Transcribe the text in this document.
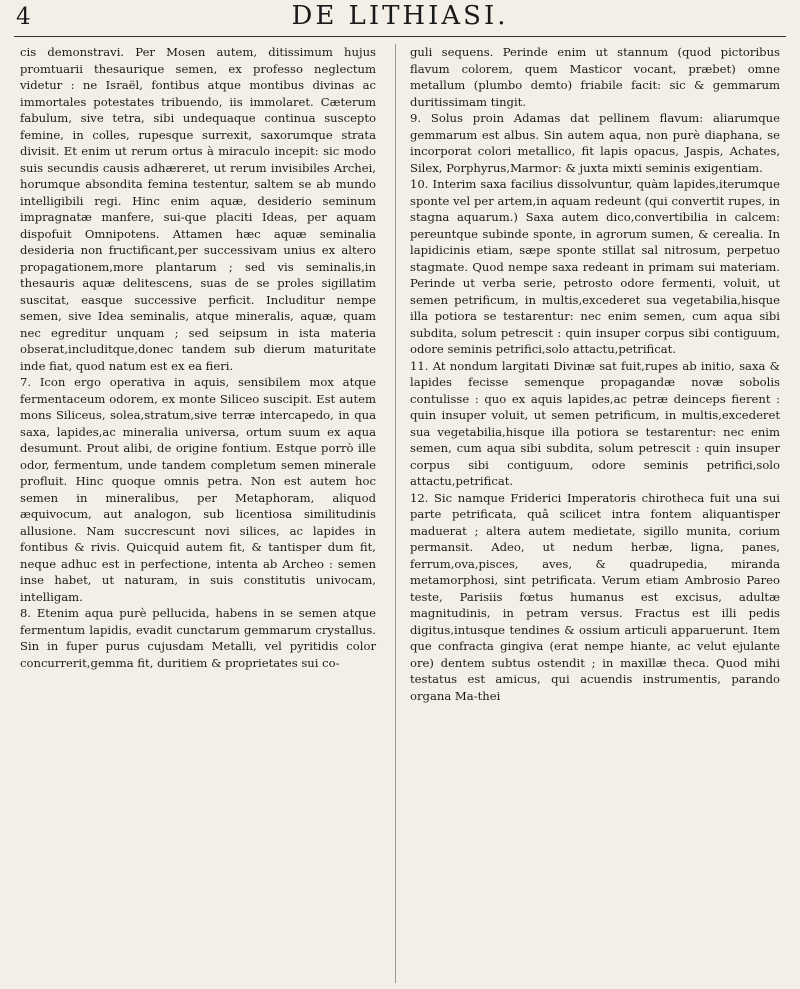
4	DE LITHIASI.

cis demonstravi. Per Mosen autem, ditissimum hujus promtuarii thesaurique semen, ex professo neglectum videtur : ne Israël, fontibus atque montibus divinas ac immortales potestates tribuendo, iis immolaret. Cæterum fabulum, sive tetra, sibi undequaque continua suscepto femine, in colles, rupesque surrexit, saxorumque strata divisit. Et enim ut rerum ortus à miraculo incepit: sic modo suis secundis causis adhæreret, ut rerum invisibiles Archei, horumque absondita femina testentur, saltem se ab mundo intelligibili regi. Hinc enim aquæ, desiderio seminum impragnatæ manfere, sui-que placiti Ideas, per aquam dispofuit Omnipotens. Attamen hæc aquæ seminalia desideria non fructificant,per successivam unius ex altero propagationem,more plantarum ; sed vis seminalis,in thesauris aquæ delitescens, suas de se proles sigillatim suscitat, easque successive perficit. Includitur nempe semen, sive Idea seminalis, atque mineralis, aquæ, quam nec egreditur unquam ; sed seipsum in ista materia obserat,includitque,donec tandem sub dierum maturitate inde fiat, quod natum est ex ea fieri.

7. Icon ergo operativa in aquis, sensibilem mox atque fermentaceum odorem, ex monte Siliceo suscipit. Est autem mons Siliceus, solea,stratum,sive terræ intercapedo, in qua saxa, lapides,ac mineralia universa, ortum suum ex aqua desumunt. Prout alibi, de origine fontium. Estque porrò ille odor, fermentum, unde tandem completum semen minerale profluit. Hinc quoque omnis petra. Non est autem hoc semen in mineralibus, per Metaphoram, aliquod æquivocum, aut analogon, sub licentiosa similitudinis allusione. Nam succrescunt novi silices, ac lapides in fontibus & rivis. Quicquid autem fit, & tantisper dum fit, neque adhuc est in perfectione, intenta ab Archeo : semen inse habet, ut naturam, in suis constitutis univocam, intelligam.

8. Etenim aqua purè pellucida, habens in se semen atque fermentum lapidis, evadit cunctarum gemmarum crystallus. Sin in fuper purus cujusdam Metalli, vel pyritidis color concurrerit,gemma fit, duritiem & proprietates sui co-

guli sequens. Perinde enim ut stannum (quod pictoribus flavum colorem, quem Masticor vocant, præbet) omne metallum (plumbo demto) friabile facit: sic & gemmarum duritissimam tingit.

9. Solus proin Adamas dat pellinem flavum: aliarumque gemmarum est albus. Sin autem aqua, non purè diaphana, se incorporat colori metallico, fit lapis opacus, Jaspis, Achates, Silex, Porphyrus,Marmor: & juxta mixti seminis exigentiam.

10. Interim saxa facilius dissolvuntur, quàm lapides,iterumque sponte vel per artem,in aquam redeunt (qui convertit rupes, in stagna aquarum.) Saxa autem dico,convertibilia in calcem: pereuntque subinde sponte, in agrorum sumen, & cerealia. In lapidicinis etiam, sæpe sponte stillat sal nitrosum, perpetuo stagmate. Quod nempe saxa redeant in primam sui materiam. Perinde ut verba serie, petrosto odore fermenti, voluit, ut semen petrificum, in multis,excederet sua vegetabilia,hisque illa potiora se testarentur: nec enim semen, cum aqua sibi subdita, solum petrescit : quin insuper corpus sibi contiguum, odore seminis petrifici,solo attactu,petrificat.

11. At nondum largitati Divinæ sat fuit,rupes ab initio, saxa & lapides fecisse semenque propagandæ novæ sobolis contulisse : quo ex aquis lapides,ac petræ deinceps fierent : quin insuper voluit, ut semen petrificum, in multis,excederet sua vegetabilia,hisque illa potiora se testarentur: nec enim semen, cum aqua sibi subdita, solum petrescit : quin insuper corpus sibi contiguum, odore seminis petrifici,solo attactu,petrificat.

12. Sic namque Friderici Imperatoris chirotheca fuit una sui parte petrificata, quâ scilicet intra fontem aliquantisper maduerat ; altera autem medietate, sigillo munita, corium permansit. Adeo, ut nedum herbæ, ligna, panes, ferrum,ova,pisces, aves, & quadrupedia, miranda metamorphosi, sint petrificata. Verum etiam Ambrosio Pareo teste, Parisiis fœtus humanus est excisus, adultæ magnitudinis, in petram versus. Fractus est illi pedis digitus,intusque tendines & ossium articuli apparuerunt. Item que confracta gingiva (erat nempe hiante, ac velut ejulante ore) dentem subtus ostendit ; in maxillæ theca. Quod mihi testatus est amicus, qui acuendis instrumentis, parando organa Ma-thei
